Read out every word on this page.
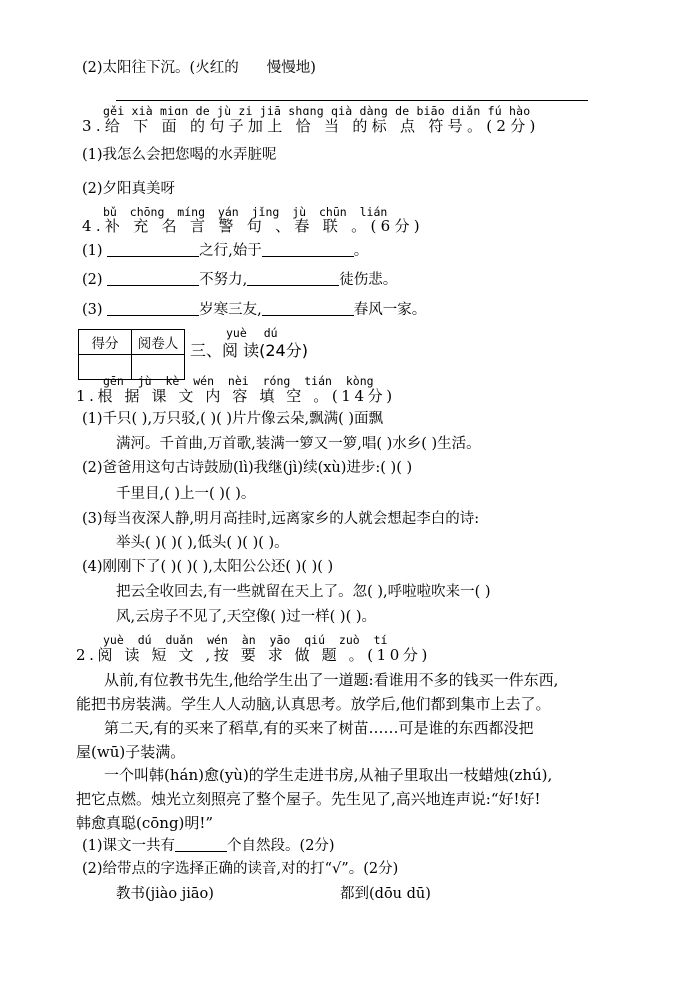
(2)太阳往下沉。(火红的 慢慢地)
gěi xià miɑn de jù zi jiā shɑng qià dàng de biāo diǎn fú hào
3.给 下 面 的句子加上 恰 当 的标 点 符号。(2分)
(1)我怎么会把您喝的水弄脏呢
(2)夕阳真美呀
bǔ chōng míng yán jǐng jù chūn lián
4.补 充 名 言 警 句 、春 联 。(6分)
(1)	之行,始于	。
(2)	不努力,	徒伤悲。
(3)	岁寒三友,	春风一家。
得分	阅卷人

yuè dú
三、阅 读(24分)
gēn jù kè wén nèi róng tián kòng
1.根 据 课 文 内 容 填 空 。(14分)
(1)千只( ),万只驳,( )( )片片像云朵,飘满( )面飘
满河。千首曲,万首歌,装满一箩又一箩,唱( )水乡( )生活。
(2)爸爸用这句古诗鼓励(lì)我继(jì)续(xù)进步:( )( )
千里目,( )上一( )( )。
(3)每当夜深人静,明月高挂时,远离家乡的人就会想起李白的诗:
举头( )( )( ),低头( )( )( )。
(4)刚刚下了( )( )( ),太阳公公还( )( )( )
把云全收回去,有一些就留在天上了。忽( ),呼啦啦吹来一( )
风,云房子不见了,天空像( )过一样( )( )。
yuè dú duǎn wén àn yāo qiú zuò tí
2.阅 读 短 文 ,按 要 求 做 题 。(10分)
从前,有位教书先生,他给学生出了一道题:看谁用不多的钱买一件东西,
能把书房装满。学生人人动脑,认真思考。放学后,他们都到集市上去了。
第二天,有的买来了稻草,有的买来了树苗……可是谁的东西都没把
屋(wū)子装满。
一个叫韩(hán)愈(yù)的学生走进书房,从袖子里取出一枝蜡烛(zhú),
把它点燃。烛光立刻照亮了整个屋子。先生见了,高兴地连声说:“好!好!
韩愈真聪(cōng)明!”
(1)课文一共有	个自然段。(2分)
(2)给带点的字选择正确的读音,对的打“√”。(2分)
教书(jiào jiāo)	都到(dōu dū)
